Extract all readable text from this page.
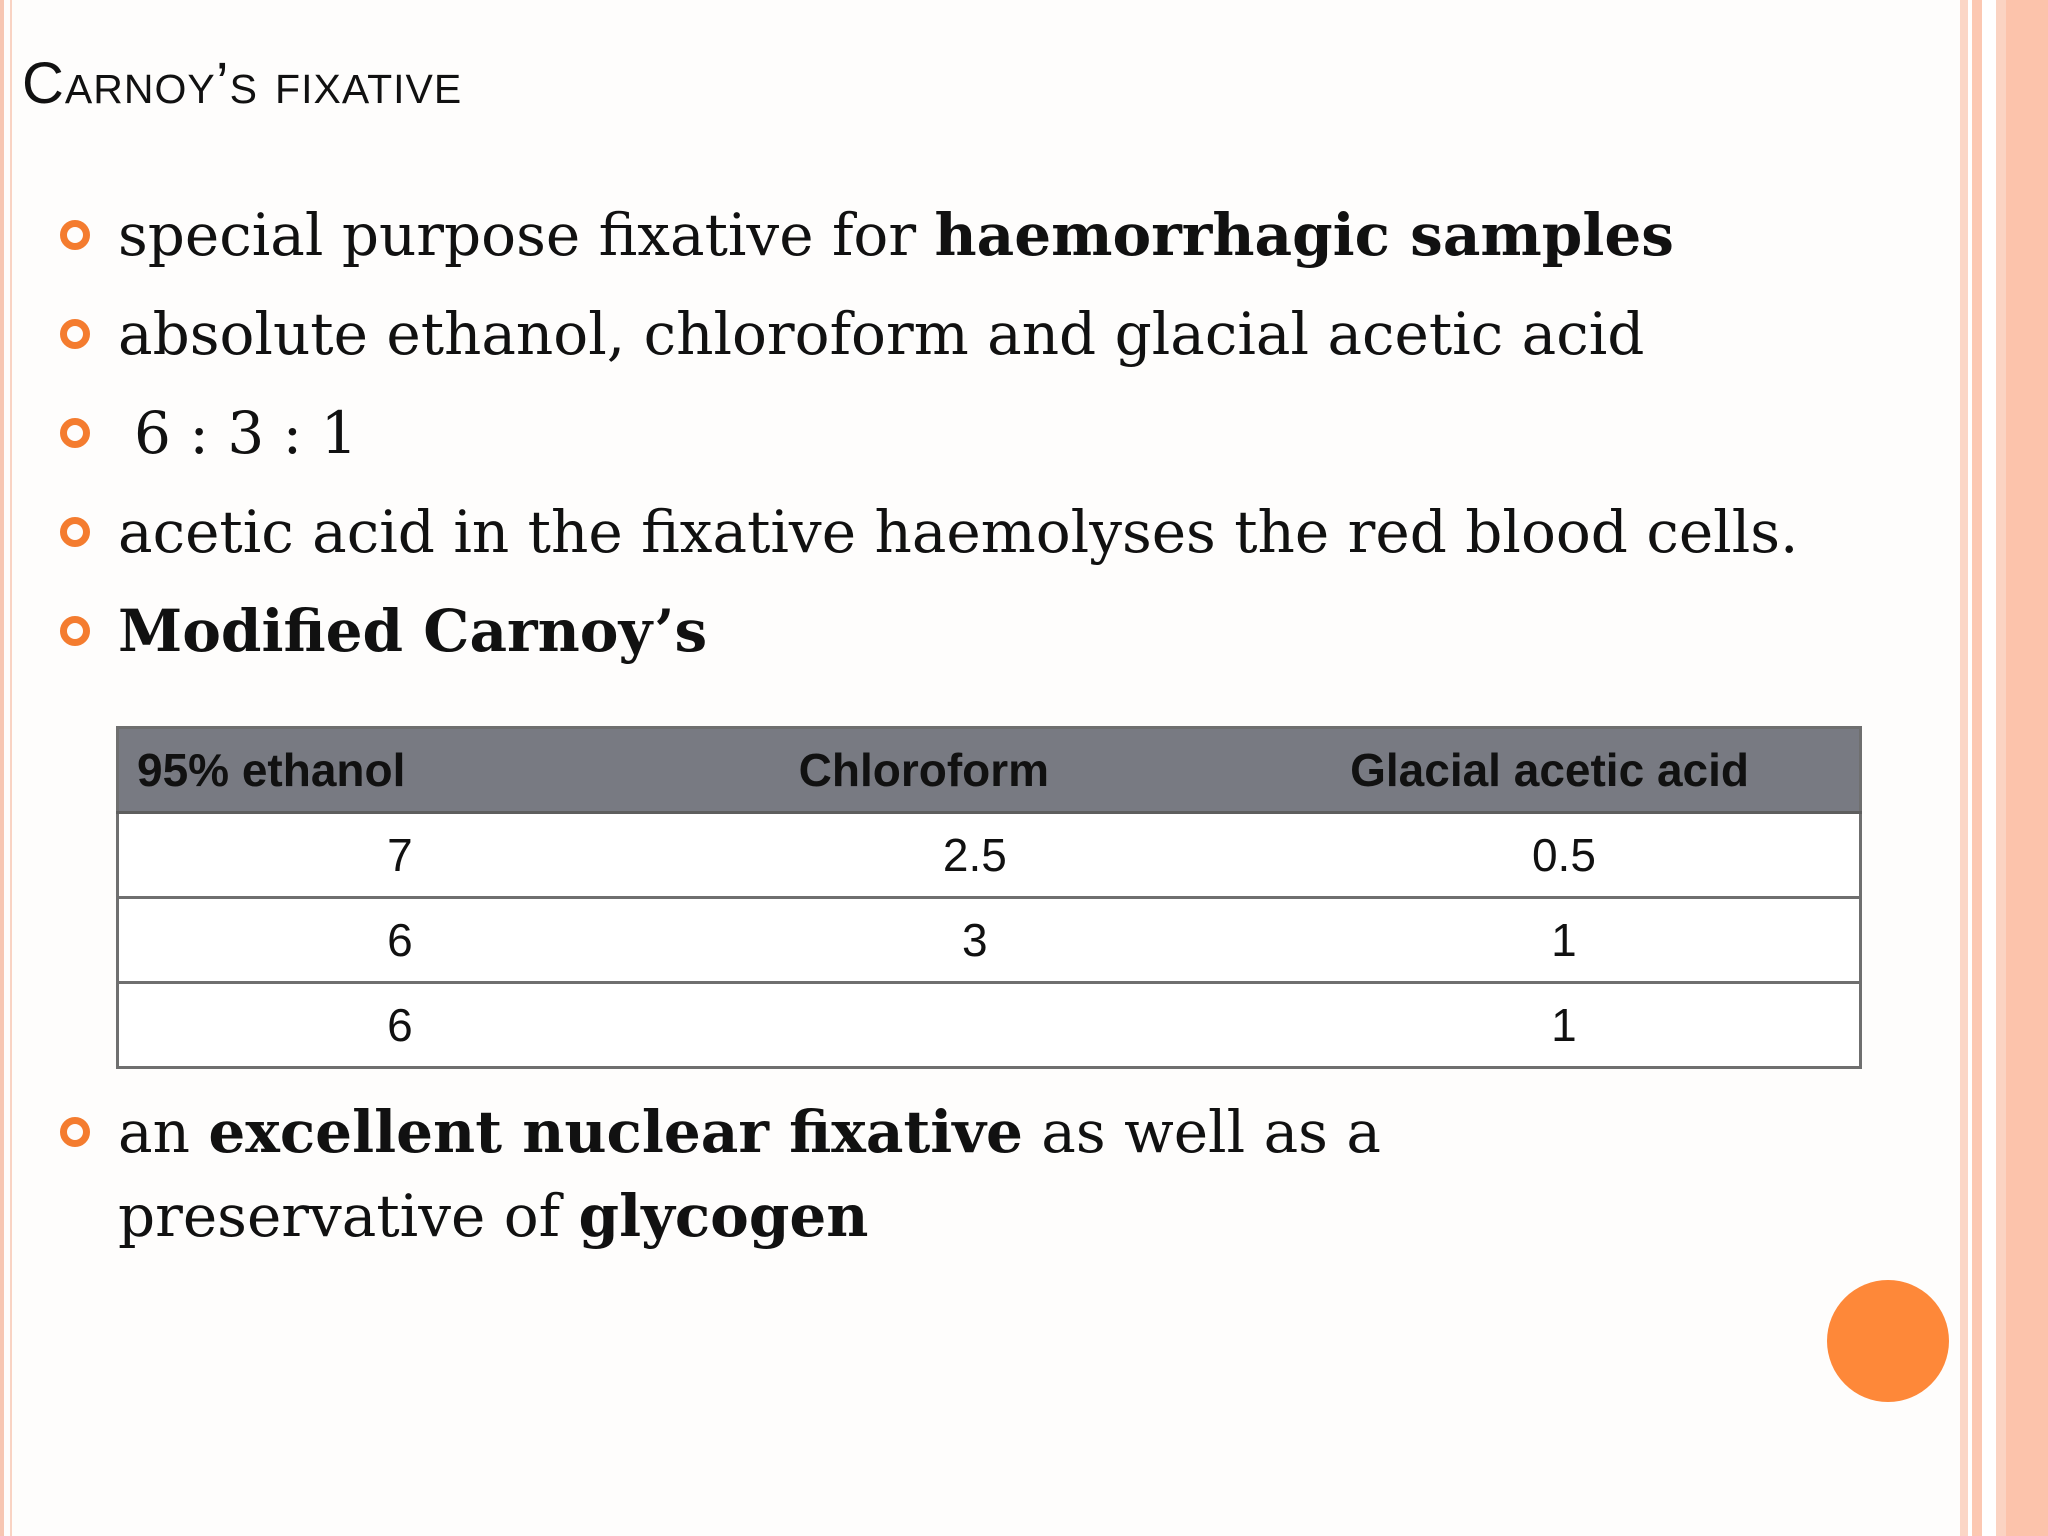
Carnoy’s fixative
special purpose fixative for haemorrhagic samples
absolute ethanol, chloroform and glacial acetic acid
6 : 3 : 1
acetic acid in the fixative haemolyses the red blood cells.
Modified Carnoy’s
95% ethanol	Chloroform	Glacial acetic acid
7	2.5	0.5
6	3	1
6		1
an excellent nuclear fixative as well as a preservative of glycogen
